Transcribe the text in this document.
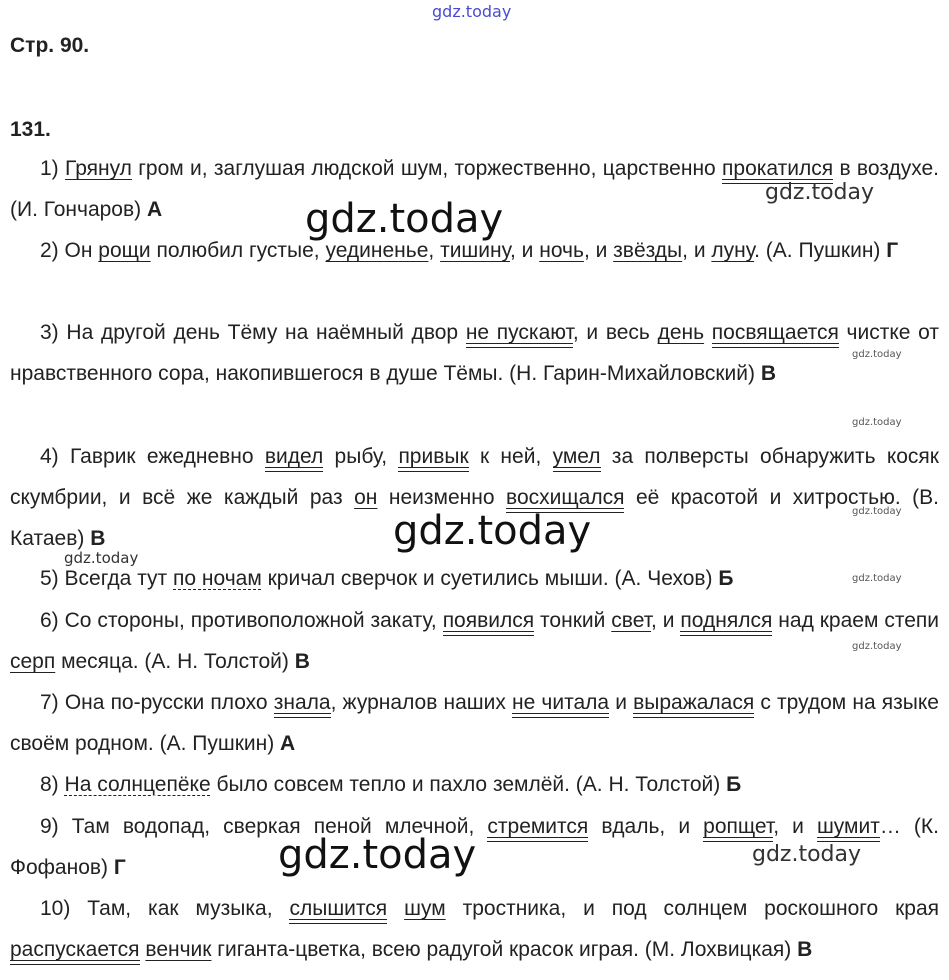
gdz.today
Стр. 90.
131.
1) Грянул гром и, заглушая людской шум, торжественно, царственно прокатился в воздухе. (И. Гончаров) А
2) Он рощи полюбил густые, уединенье, тишину, и ночь, и звёзды, и луну. (А. Пушкин) Г
3) На другой день Тёму на наёмный двор не пускают, и весь день посвящается чистке от нравственного сора, накопившегося в душе Тёмы. (Н. Гарин-Михайловский) В
4) Гаврик ежедневно видел рыбу, привык к ней, умел за полверсты обнаружить косяк скумбрии, и всё же каждый раз он неизменно восхищался её красотой и хитростью. (В. Катаев) В
5) Всегда тут по ночам кричал сверчок и суетились мыши. (А. Чехов) Б
6) Со стороны, противоположной закату, появился тонкий свет, и поднялся над краем степи серп месяца. (А. Н. Толстой) В
7) Она по-русски плохо знала, журналов наших не читала и выражалася с трудом на языке своём родном. (А. Пушкин) А
8) На солнцепёке было совсем тепло и пахло землёй. (А. Н. Толстой) Б
9) Там водопад, сверкая пеной млечной, стремится вдаль, и ропщет, и шумит… (К. Фофанов) Г
10) Там, как музыка, слышится шум тростника, и под солнцем роскошного края распускается венчик гиганта-цветка, всею радугой красок играя. (М. Лохвицкая) В
gdz.today
gdz.today
gdz.today
gdz.today
gdz.today
gdz.today
gdz.today
gdz.today
gdz.today
gdz.today
gdz.today
